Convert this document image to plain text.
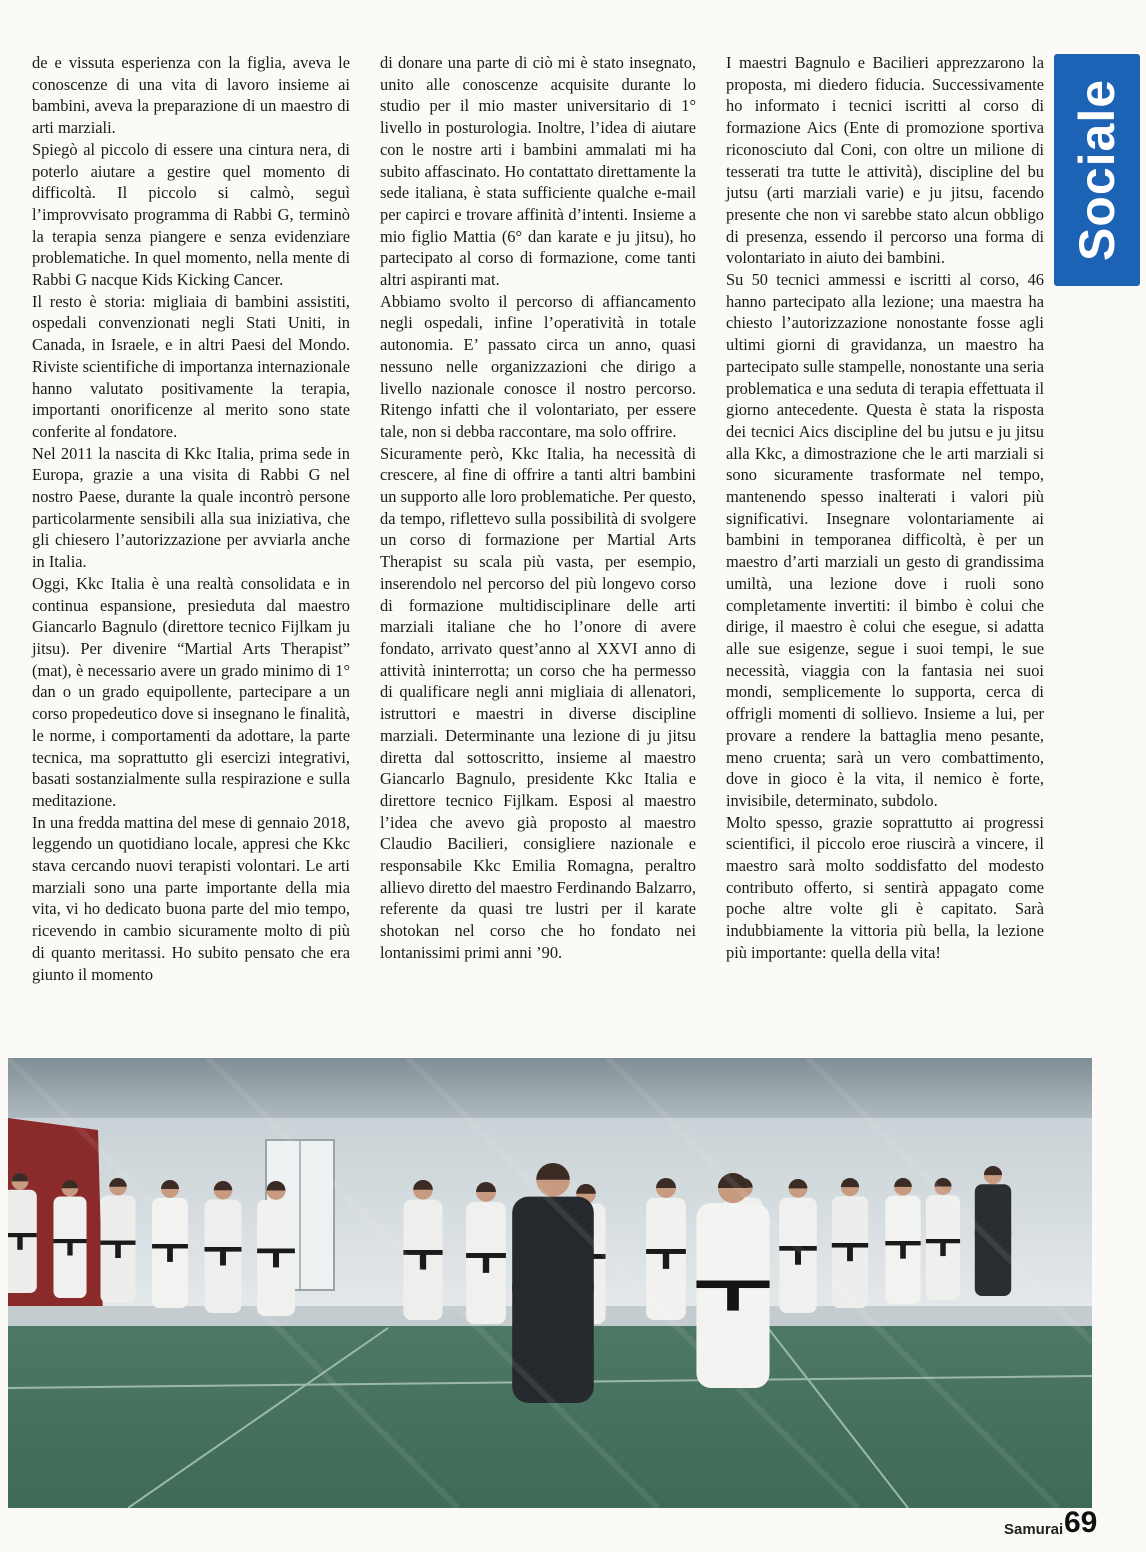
de e vissuta esperienza con la figlia, aveva le conoscenze di una vita di lavoro insieme ai bambini, aveva la preparazione di un maestro di arti marziali.

Spiegò al piccolo di essere una cintura nera, di poterlo aiutare a gestire quel momento di difficoltà. Il piccolo si calmò, seguì l’improvvisato programma di Rabbi G, terminò la terapia senza piangere e senza evidenziare problematiche. In quel momento, nella mente di Rabbi G nacque Kids Kicking Cancer.

Il resto è storia: migliaia di bambini assistiti, ospedali convenzionati negli Stati Uniti, in Canada, in Israele, e in altri Paesi del Mondo. Riviste scientifiche di importanza internazionale hanno valutato positivamente la terapia, importanti onorificenze al merito sono state conferite al fondatore.

Nel 2011 la nascita di Kkc Italia, prima sede in Europa, grazie a una visita di Rabbi G nel nostro Paese, durante la quale incontrò persone particolarmente sensibili alla sua iniziativa, che gli chiesero l’autorizzazione per avviarla anche in Italia.

Oggi, Kkc Italia è una realtà consolidata e in continua espansione, presieduta dal maestro Giancarlo Bagnulo (direttore tecnico Fijlkam ju jitsu). Per divenire “Martial Arts Therapist” (mat), è necessario avere un grado minimo di 1° dan o un grado equipollente, partecipare a un corso propedeutico dove si insegnano le finalità, le norme, i comportamenti da adottare, la parte tecnica, ma soprattutto gli esercizi integrativi, basati sostanzialmente sulla respirazione e sulla meditazione.

In una fredda mattina del mese di gennaio 2018, leggendo un quotidiano locale, appresi che Kkc stava cercando nuovi terapisti volontari. Le arti marziali sono una parte importante della mia vita, vi ho dedicato buona parte del mio tempo, ricevendo in cambio sicuramente molto di più di quanto meritassi. Ho subito pensato che era giunto il momento

di donare una parte di ciò mi è stato insegnato, unito alle conoscenze acquisite durante lo studio per il mio master universitario di 1° livello in posturologia. Inoltre, l’idea di aiutare con le nostre arti i bambini ammalati mi ha subito affascinato. Ho contattato direttamente la sede italiana, è stata sufficiente qualche e-mail per capirci e trovare affinità d’intenti. Insieme a mio figlio Mattia (6° dan karate e ju jitsu), ho partecipato al corso di formazione, come tanti altri aspiranti mat.

Abbiamo svolto il percorso di affiancamento negli ospedali, infine l’operatività in totale autonomia. E’ passato circa un anno, quasi nessuno nelle organizzazioni che dirigo a livello nazionale conosce il nostro percorso. Ritengo infatti che il volontariato, per essere tale, non si debba raccontare, ma solo offrire.

Sicuramente però, Kkc Italia, ha necessità di crescere, al fine di offrire a tanti altri bambini un supporto alle loro problematiche. Per questo, da tempo, riflettevo sulla possibilità di svolgere un corso di formazione per Martial Arts Therapist su scala più vasta, per esempio, inserendolo nel percorso del più longevo corso di formazione multidisciplinare delle arti marziali italiane che ho l’onore di avere fondato, arrivato quest’anno al XXVI anno di attività ininterrotta; un corso che ha permesso di qualificare negli anni migliaia di allenatori, istruttori e maestri in diverse discipline marziali. Determinante una lezione di ju jitsu diretta dal sottoscritto, insieme al maestro Giancarlo Bagnulo, presidente Kkc Italia e direttore tecnico Fijlkam. Esposi al maestro l’idea che avevo già proposto al maestro Claudio Bacilieri, consigliere nazionale e responsabile Kkc Emilia Romagna, peraltro allievo diretto del maestro Ferdinando Balzarro, referente da quasi tre lustri per il karate shotokan nel corso che ho fondato nei lontanissimi primi anni ’90.

I maestri Bagnulo e Bacilieri apprezzarono la proposta, mi diedero fiducia. Successivamente ho informato i tecnici iscritti al corso di formazione Aics (Ente di promozione sportiva riconosciuto dal Coni, con oltre un milione di tesserati tra tutte le attività), discipline del bu jutsu (arti marziali varie) e ju jitsu, facendo presente che non vi sarebbe stato alcun obbligo di presenza, essendo il percorso una forma di volontariato in aiuto dei bambini.

Su 50 tecnici ammessi e iscritti al corso, 46 hanno partecipato alla lezione; una maestra ha chiesto l’autorizzazione nonostante fosse agli ultimi giorni di gravidanza, un maestro ha partecipato sulle stampelle, nonostante una seria problematica e una seduta di terapia effettuata il giorno antecedente. Questa è stata la risposta dei tecnici Aics discipline del bu jutsu e ju jitsu alla Kkc, a dimostrazione che le arti marziali si sono sicuramente trasformate nel tempo, mantenendo spesso inalterati i valori più significativi. Insegnare volontariamente ai bambini in temporanea difficoltà, è per un maestro d’arti marziali un gesto di grandissima umiltà, una lezione dove i ruoli sono completamente invertiti: il bimbo è colui che dirige, il maestro è colui che esegue, si adatta alle sue esigenze, segue i suoi tempi, le sue necessità, viaggia con la fantasia nei suoi mondi, semplicemente lo supporta, cerca di offrigli momenti di sollievo. Insieme a lui, per provare a rendere la battaglia meno pesante, meno cruenta; sarà un vero combattimento, dove in gioco è la vita, il nemico è forte, invisibile, determinato, subdolo.

Molto spesso, grazie soprattutto ai progressi scientifici, il piccolo eroe riuscirà a vincere, il maestro sarà molto soddisfatto del modesto contributo offerto, si sentirà appagato come poche altre volte gli è capitato. Sarà indubbiamente la vittoria più bella, la lezione più importante: quella della vita!

Sociale
Samurai 69
